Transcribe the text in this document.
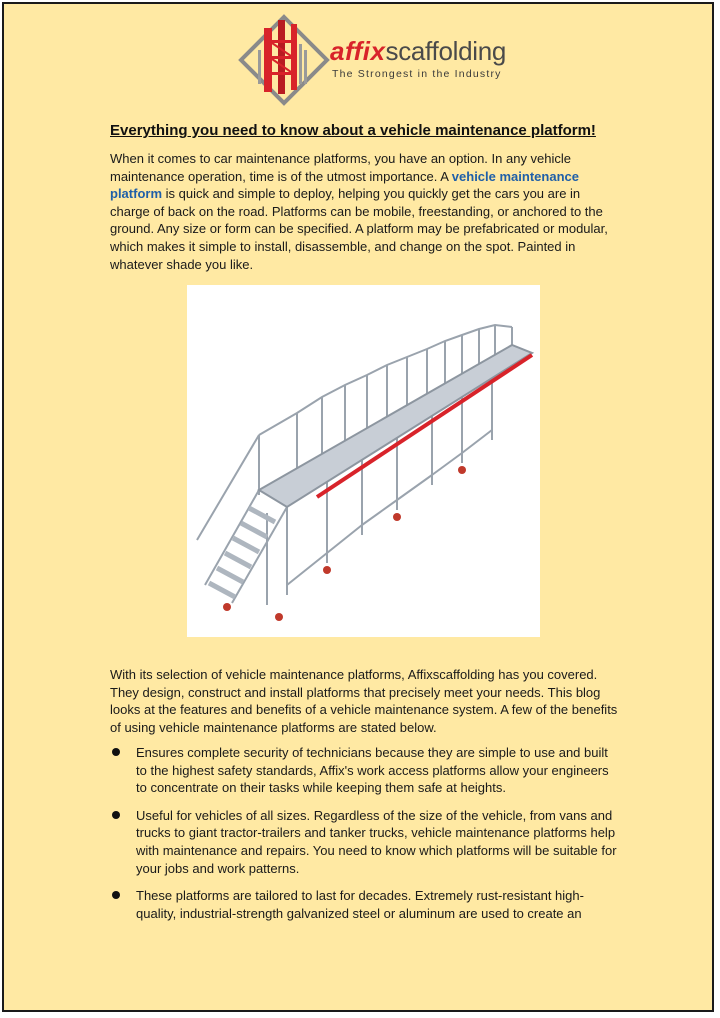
affixscaffolding
The Strongest in the Industry
Everything you need to know about a vehicle maintenance platform!

When it comes to car maintenance platforms, you have an option. In any vehicle maintenance operation, time is of the utmost importance. A vehicle maintenance platform is quick and simple to deploy, helping you quickly get the cars you are in charge of back on the road. Platforms can be mobile, freestanding, or anchored to the ground. Any size or form can be specified. A platform may be prefabricated or modular, which makes it simple to install, disassemble, and change on the spot. Painted in whatever shade you like.

With its selection of vehicle maintenance platforms, Affixscaffolding has you covered. They design, construct and install platforms that precisely meet your needs. This blog looks at the features and benefits of a vehicle maintenance system. A few of the benefits of using vehicle maintenance platforms are stated below.

Ensures complete security of technicians because they are simple to use and built to the highest safety standards, Affix's work access platforms allow your engineers to concentrate on their tasks while keeping them safe at heights.
Useful for vehicles of all sizes. Regardless of the size of the vehicle, from vans and trucks to giant tractor-trailers and tanker trucks, vehicle maintenance platforms help with maintenance and repairs. You need to know which platforms will be suitable for your jobs and work patterns.
These platforms are tailored to last for decades. Extremely rust-resistant high-quality, industrial-strength galvanized steel or aluminum are used to create an
